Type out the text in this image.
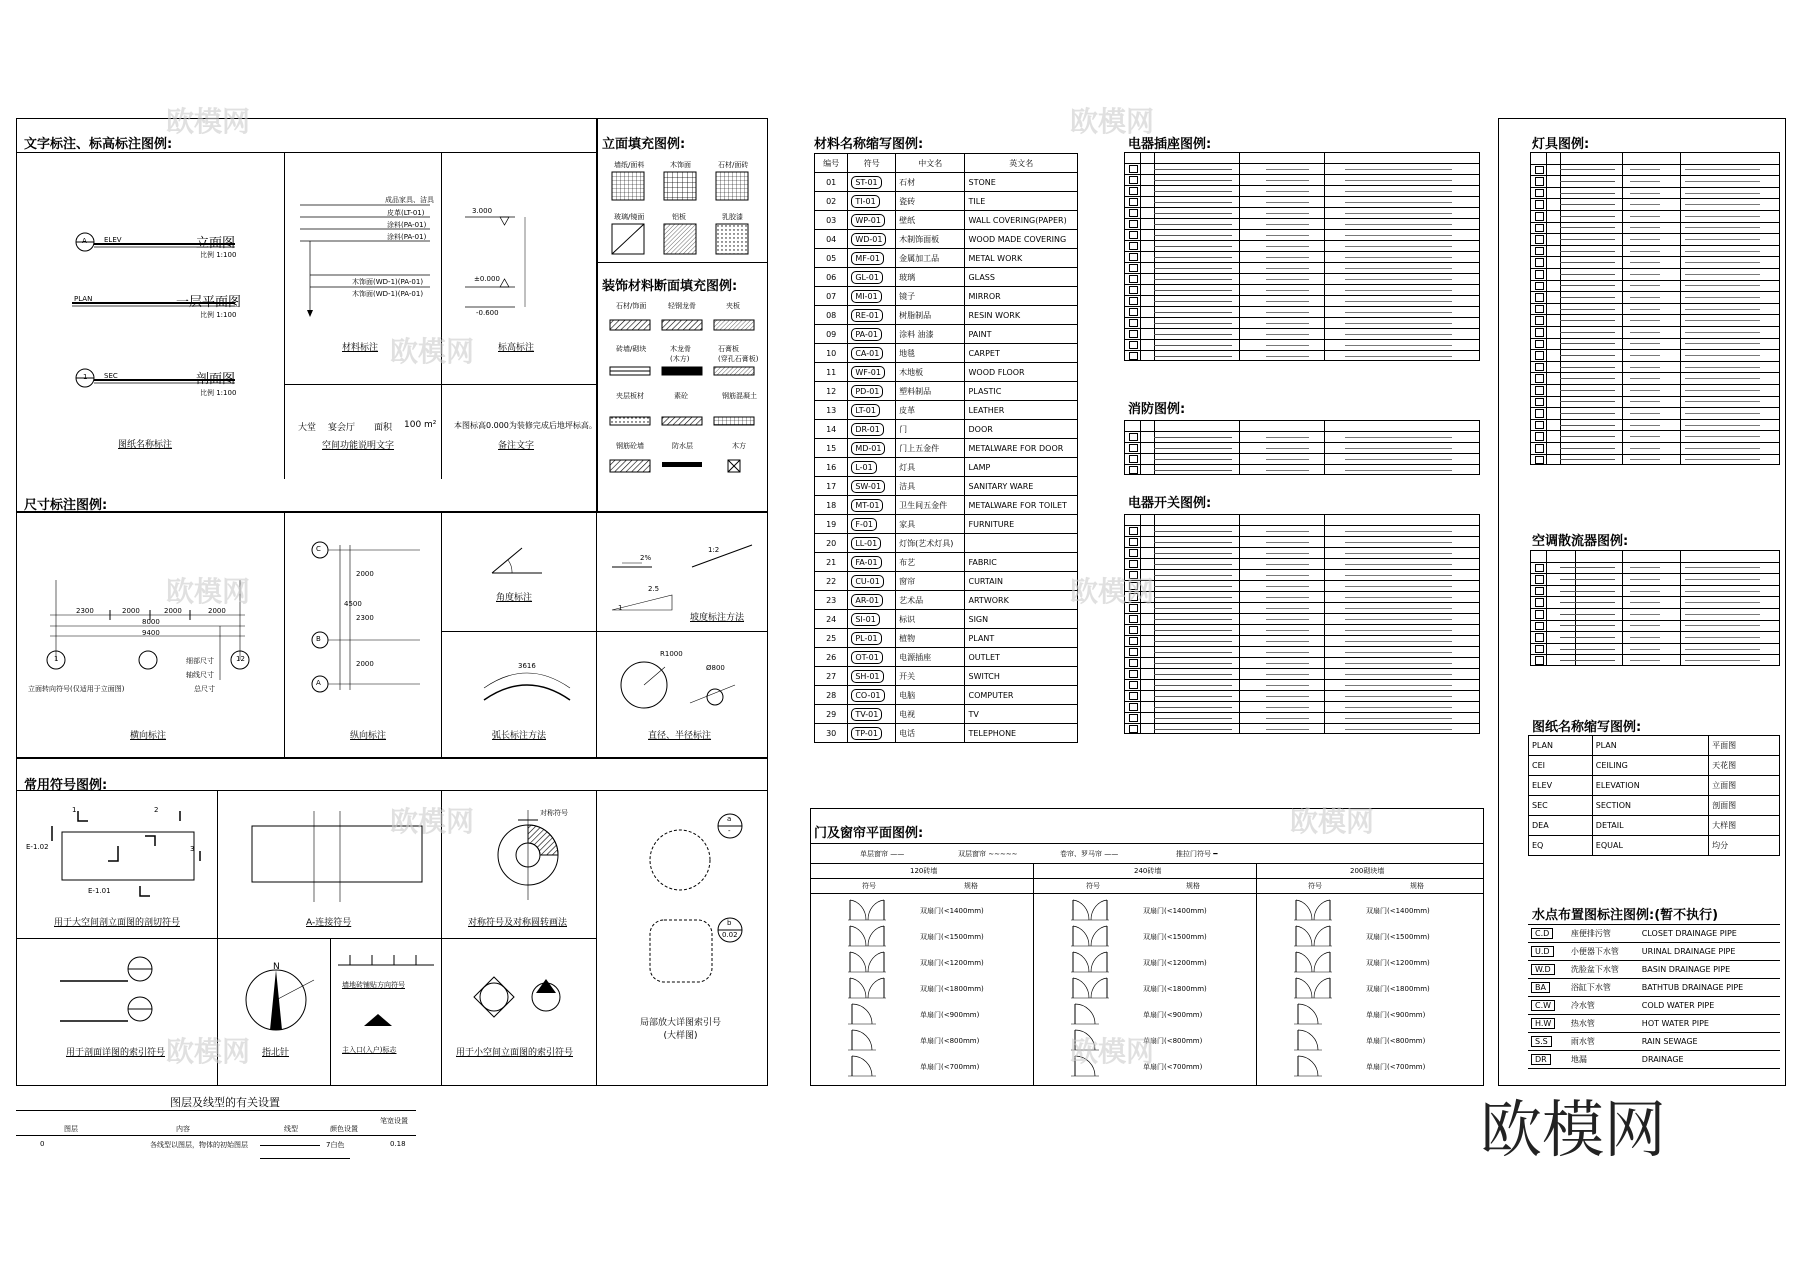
文字标注、标高标注图例:
A ELEV	立面图
比例 1:100
PLAN	一层平面图
比例 1:100
1 SEC	剖面图
比例 1:100
图纸名称标注
成品家具、洁具
皮革(LT-01)
涂料(PA-01)
涂料(PA-01)
木饰面(WD-1)(PA-01)
木饰面(WD-1)(PA-01)
材料标注
3.000
±0.000
-0.600
标高标注
大堂 宴会厅 面积 100 m²
空间功能说明文字
本图标高0.000为装修完成后地坪标高。
备注文字
立面填充图例:
墙纸/面料	木饰面	石材/面砖
玻璃/镜面	铝板	乳胶漆
装饰材料断面填充图例:
石材/饰面	轻钢龙骨	夹板
砖墙/砌块	木龙骨
(木方)
石膏板
(穿孔石膏板)
夹层板材	素砼	钢筋混凝土
钢筋砼墙	防水层	木方
尺寸标注图例:
2300	2000	2000	2000
8000
9400
1	12
细部尺寸
轴线尺寸
总尺寸
立面转向符号(仅适用于立面图)
横向标注
C
B
A
2000
4500
2300
2000
纵向标注
角度标注
2%
1:2
2.5
1
坡度标注方法
3616
弧长标注方法
R1000
Ø800
直径、半径标注
常用符号图例:
E-1.02
E-1.01
1	2
3
用于大空间剖立面图的剖切符号	A-连接符号
对称符号
对称符号及对称圆转画法
a
-
b
0.02
局部放大详图索引号
(大样图)
用于剖面详图的索引符号
N
指北针
墙地砖铺贴方向符号
主入口(入户)标志	用于小空间立面图的索引符号
图层及线型的有关设置
图层	内容	线型	颜色设置
笔宽设置
0	各线型以图层，物体的初始图层	7白色	0.18
材料名称缩写图例:
编号	符号	中文名	英文名
01	ST-01	石材	STONE
02	TI-01	瓷砖	TILE
03	WP-01	壁纸	WALL COVERING(PAPER)
04	WD-01	木制饰面板	WOOD MADE COVERING
05	MF-01	金属加工品	METAL WORK
06	GL-01	玻璃	GLASS
07	MI-01	镜子	MIRROR
08	RE-01	树脂制品	RESIN WORK
09	PA-01	涂料 油漆	PAINT
10	CA-01	地毯	CARPET
11	WF-01	木地板	WOOD FLOOR
12	PD-01	塑料制品	PLASTIC
13	LT-01	皮革	LEATHER
14	DR-01	门	DOOR
15	MD-01	门上五金件	METALWARE FOR DOOR
16	L-01	灯具	LAMP
17	SW-01	洁具	SANITARY WARE
18	MT-01	卫生间五金件	METALWARE FOR TOILET
19	F-01	家具	FURNITURE
20	LL-01	灯饰(艺术灯具)	
21	FA-01	布艺	FABRIC
22	CU-01	窗帘	CURTAIN
23	AR-01	艺术品	ARTWORK
24	SI-01	标识	SIGN
25	PL-01	植物	PLANT
26	OT-01	电源插座	OUTLET
27	SH-01	开关	SWITCH
28	CO-01	电脑	COMPUTER
29	TV-01	电视	TV
30	TP-01	电话	TELEPHONE
门及窗帘平面图例:
单层窗帘 ——	双层窗帘 ∼∼∼∼∼	卷帘、罗马帘 ——	推拉门符号 ━
120砖墙	240砖墙	200砌块墙
符号	规格	符号	规格	符号	规格
双扇门(<1400mm)	双扇门(<1400mm)	双扇门(<1400mm)
双扇门(<1500mm)	双扇门(<1500mm)	双扇门(<1500mm)
双扇门(<1200mm)	双扇门(<1200mm)	双扇门(<1200mm)
双扇门(<1800mm)	双扇门(<1800mm)	双扇门(<1800mm)
单扇门(<900mm)	单扇门(<900mm)	单扇门(<900mm)
单扇门(<800mm)	单扇门(<800mm)	单扇门(<800mm)
单扇门(<700mm)	单扇门(<700mm)	单扇门(<700mm)
电器插座图例:
消防图例:
电器开关图例:
灯具图例:
空调散流器图例:
图纸名称缩写图例:
PLAN	PLAN	平面图
CEI	CEILING	天花图
ELEV	ELEVATION	立面图
SEC	SECTION	剖面图
DEA	DETAIL	大样图
EQ	EQUAL	均分
水点布置图标注图例:(暂不执行)
C.D	座便排污管	CLOSET DRAINAGE PIPE
U.D	小便器下水管	URINAL DRAINAGE PIPE
W.D	洗脸盆下水管	BASIN DRAINAGE PIPE
BA	浴缸下水管	BATHTUB DRAINAGE PIPE
C.W	冷水管	COLD WATER PIPE
H.W	热水管	HOT WATER PIPE
S.S	雨水管	RAIN SEWAGE
DR	地漏	DRAINAGE
欧模网
欧模网
欧模网
欧模网
欧模网
欧模网	欧模网
欧模网	欧模网
欧模网
